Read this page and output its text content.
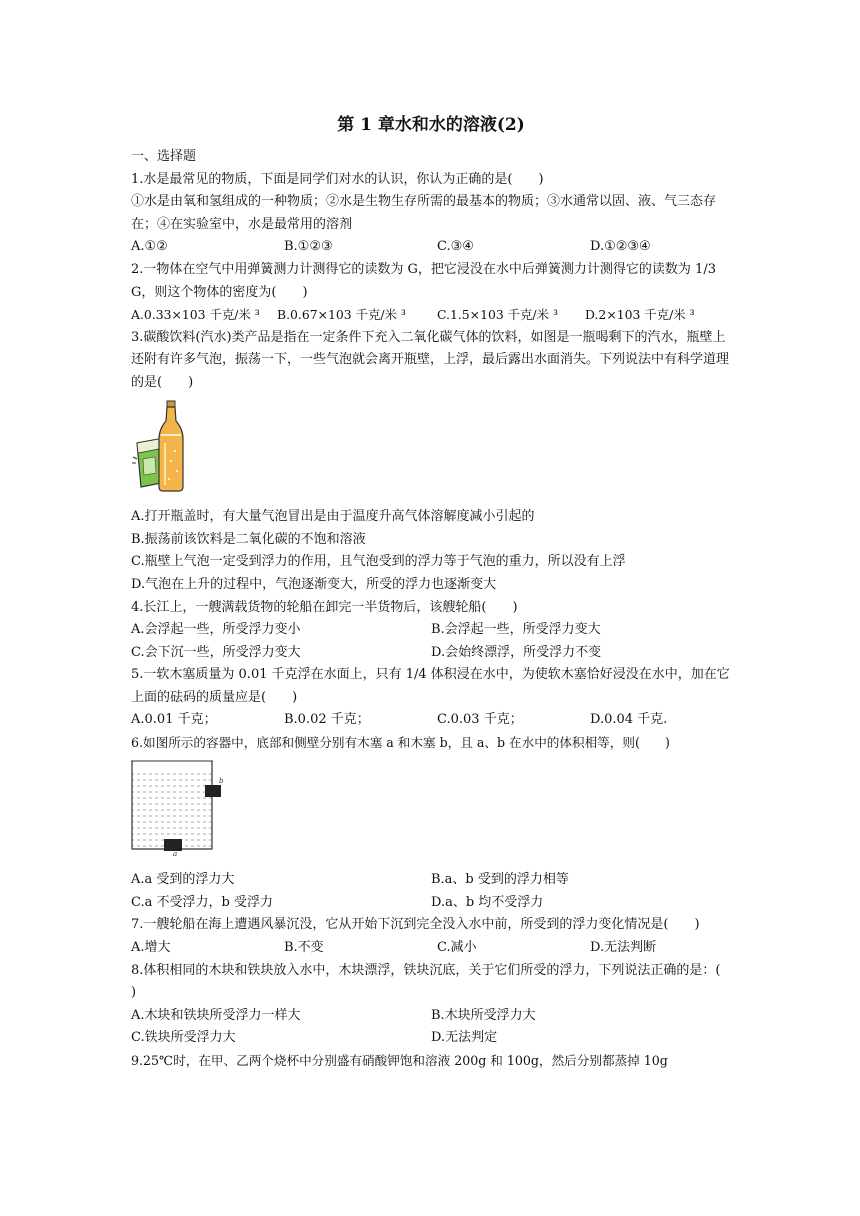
第 1 章水和水的溶液(2)
一、选择题
1.水是最常见的物质，下面是同学们对水的认识，你认为正确的是(　　)
①水是由氧和氢组成的一种物质；②水是生物生存所需的最基本的物质；③水通常以固、液、气三态存在；④在实验室中，水是最常用的溶剂
A.①②	B.①②③	C.③④	D.①②③④
2.一物体在空气中用弹簧测力计测得它的读数为 G，把它浸没在水中后弹簧测力计测得它的读数为 1/3G，则这个物体的密度为(　　)
A.0.33×103 千克/米 ³	B.0.67×103 千克/米 ³	C.1.5×103 千克/米 ³	D.2×103 千克/米 ³
3.碳酸饮料(汽水)类产品是指在一定条件下充入二氧化碳气体的饮料，如图是一瓶喝剩下的汽水，瓶壁上还附有许多气泡，振荡一下，一些气泡就会离开瓶壁，上浮，最后露出水面消失。下列说法中有科学道理的是(　　)
A.打开瓶盖时，有大量气泡冒出是由于温度升高气体溶解度减小引起的
B.振荡前该饮料是二氧化碳的不饱和溶液
C.瓶壁上气泡一定受到浮力的作用，且气泡受到的浮力等于气泡的重力，所以没有上浮
D.气泡在上升的过程中，气泡逐渐变大，所受的浮力也逐渐变大
4.长江上，一艘满载货物的轮船在卸完一半货物后，该艘轮船(　　)
A.会浮起一些，所受浮力变小	B.会浮起一些，所受浮力变大
C.会下沉一些，所受浮力变大	D.会始终漂浮，所受浮力不变
5.一软木塞质量为 0.01 千克浮在水面上，只有 1/4 体积浸在水中，为使软木塞恰好浸没在水中，加在它上面的砝码的质量应是(　　)
A.0.01 千克；	B.0.02 千克；	C.0.03 千克；	D.0.04 千克.
6.如图所示的容器中，底部和侧壁分别有木塞 a 和木塞 b，且 a、b 在水中的体积相等，则(　　)
b
a
A.a 受到的浮力大	B.a、b 受到的浮力相等
C.a 不受浮力，b 受浮力	D.a、b 均不受浮力
7.一艘轮船在海上遭遇风暴沉没，它从开始下沉到完全没入水中前，所受到的浮力变化情况是(　　)
A.增大	B.不变	C.减小	D.无法判断
8.体积相同的木块和铁块放入水中，木块漂浮，铁块沉底，关于它们所受的浮力，下列说法正确的是：(　　)
A.木块和铁块所受浮力一样大	B.木块所受浮力大
C.铁块所受浮力大	D.无法判定
9.25℃时，在甲、乙两个烧杯中分别盛有硝酸钾饱和溶液 200g 和 100g，然后分别都蒸掉 10g
